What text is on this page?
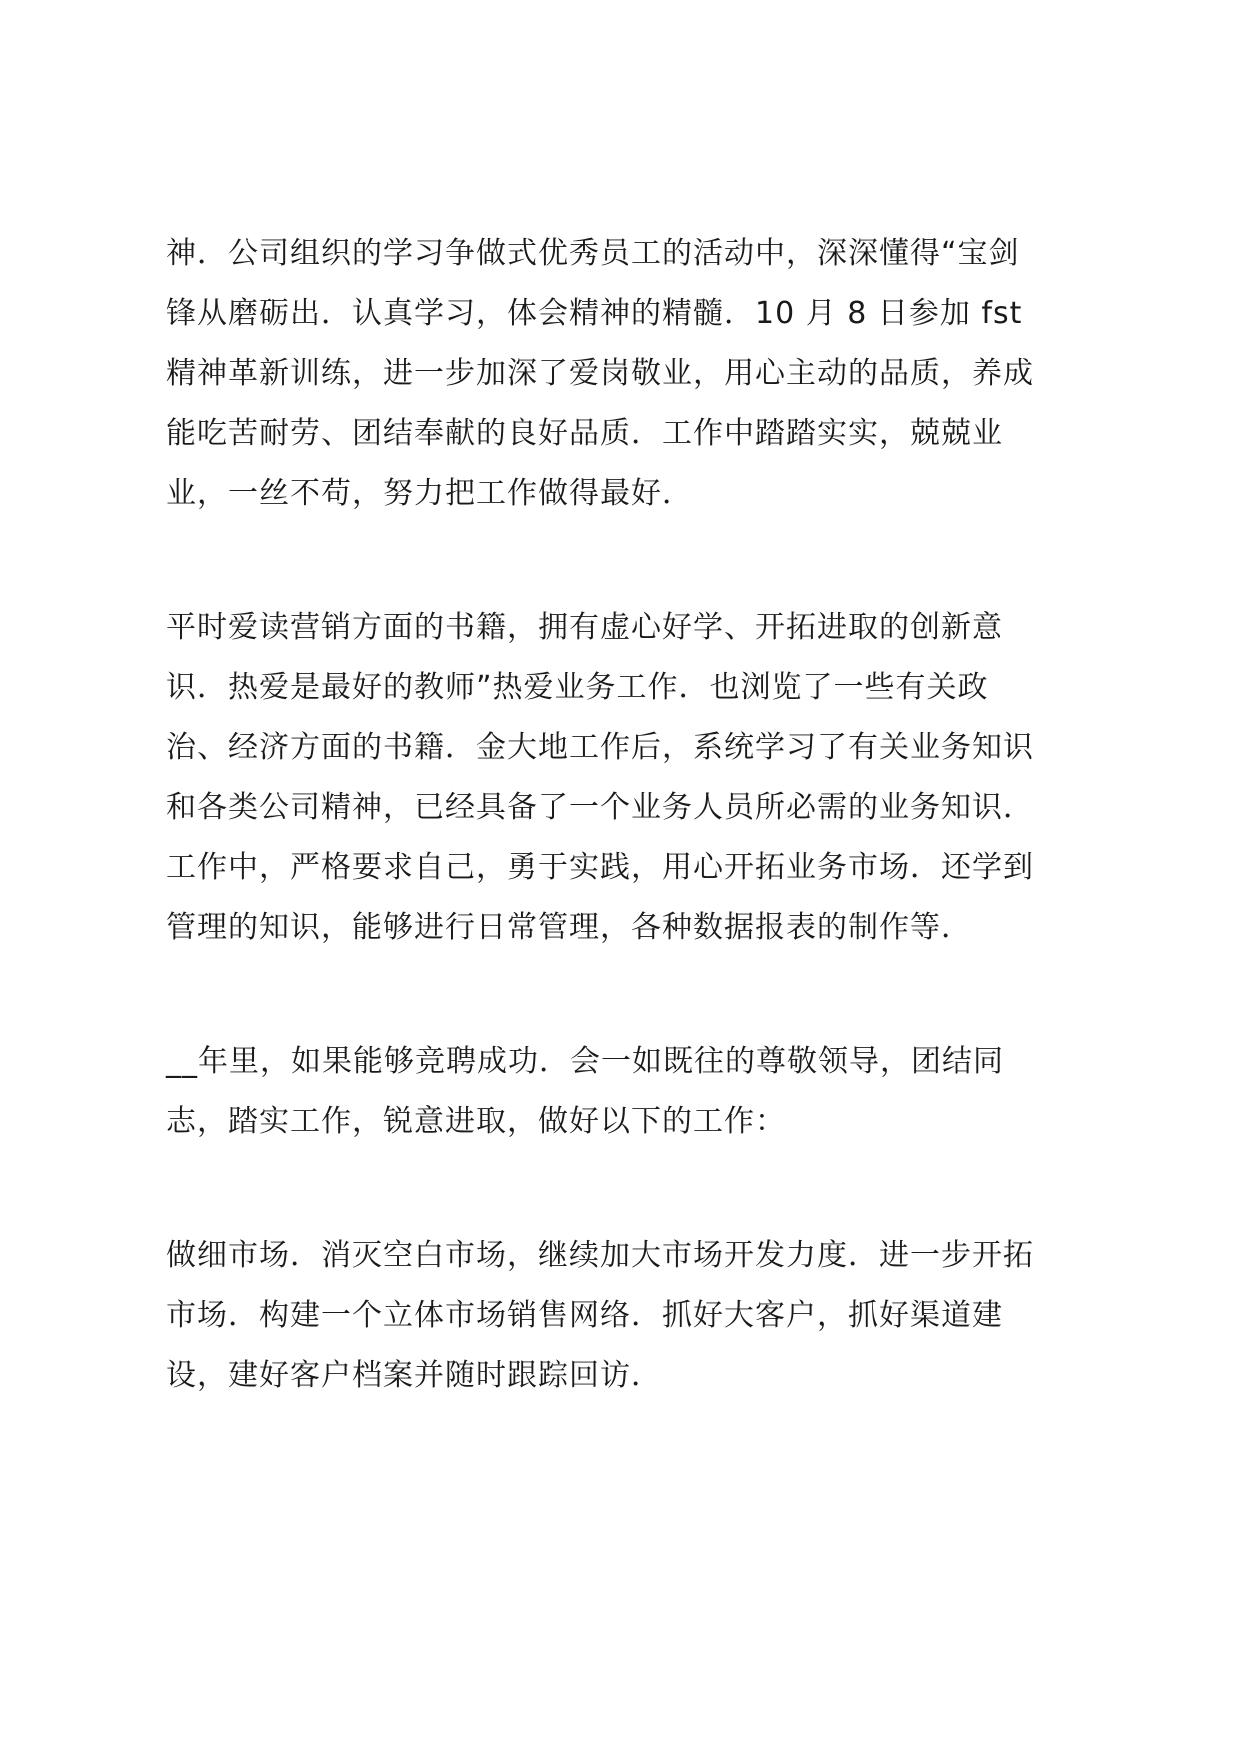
神．公司组织的学习争做式优秀员工的活动中，深深懂得“宝剑
锋从磨砺出．认真学习，体会精神的精髓．10 月 8 日参加 fst
精神革新训练，进一步加深了爱岗敬业，用心主动的品质，养成
能吃苦耐劳、团结奉献的良好品质．工作中踏踏实实，兢兢业
业，一丝不苟，努力把工作做得最好．
平时爱读营销方面的书籍，拥有虚心好学、开拓进取的创新意
识．热爱是最好的教师”热爱业务工作．也浏览了一些有关政
治、经济方面的书籍．金大地工作后，系统学习了有关业务知识
和各类公司精神，已经具备了一个业务人员所必需的业务知识．
工作中，严格要求自己，勇于实践，用心开拓业务市场．还学到
管理的知识，能够进行日常管理，各种数据报表的制作等．
__年里，如果能够竞聘成功．会一如既往的尊敬领导，团结同
志，踏实工作，锐意进取，做好以下的工作：
做细市场．消灭空白市场，继续加大市场开发力度．进一步开拓
市场．构建一个立体市场销售网络．抓好大客户，抓好渠道建
设，建好客户档案并随时跟踪回访．
